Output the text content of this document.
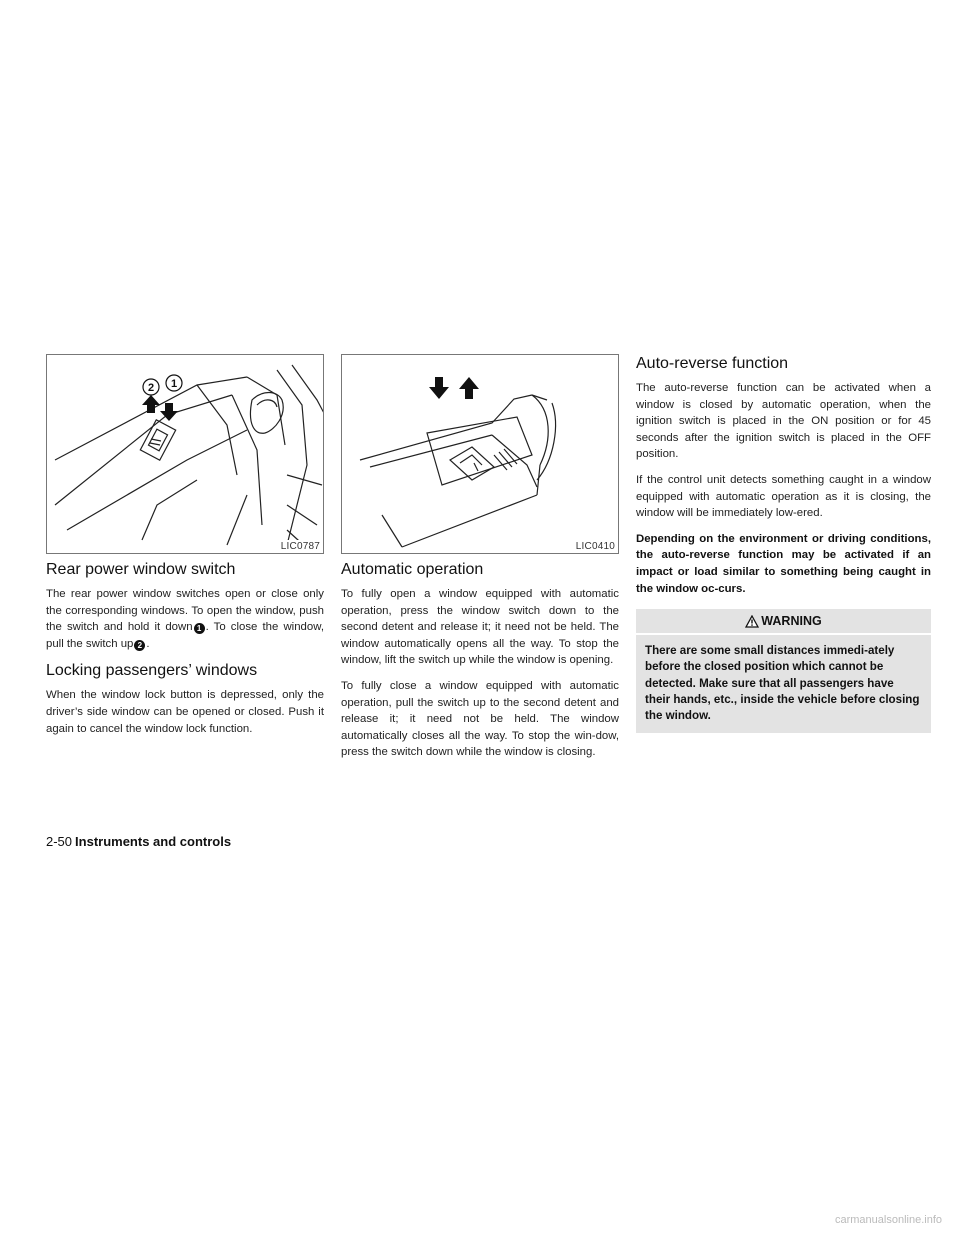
2 1
LIC0787
Rear power window switch

The rear power window switches open or close only the corresponding windows. To open the window, push the switch and hold it down 1 . To close the window, pull the switch up 2 .

Locking passengers’ windows

When the window lock button is depressed, only the driver’s side window can be opened or closed. Push it again to cancel the window lock function.

LIC0410
Automatic operation

To fully open a window equipped with automatic operation, press the window switch down to the second detent and release it; it need not be held. The window automatically opens all the way. To stop the window, lift the switch up while the window is opening.

To fully close a window equipped with automatic operation, pull the switch up to the second detent and release it; it need not be held. The window automatically closes all the way. To stop the win-dow, press the switch down while the window is closing.

Auto-reverse function

The auto-reverse function can be activated when a window is closed by automatic operation, when the ignition switch is placed in the ON position or for 45 seconds after the ignition switch is placed in the OFF position.

If the control unit detects something caught in a window equipped with automatic operation as it is closing, the window will be immediately low-ered.

Depending on the environment or driving conditions, the auto-reverse function may be activated if an impact or load similar to something being caught in the window oc-curs.

WARNING
There are some small distances immedi-ately before the closed position which cannot be detected. Make sure that all passengers have their hands, etc., inside the vehicle before closing the window.
2-50 Instruments and controls
carmanualsonline.info
